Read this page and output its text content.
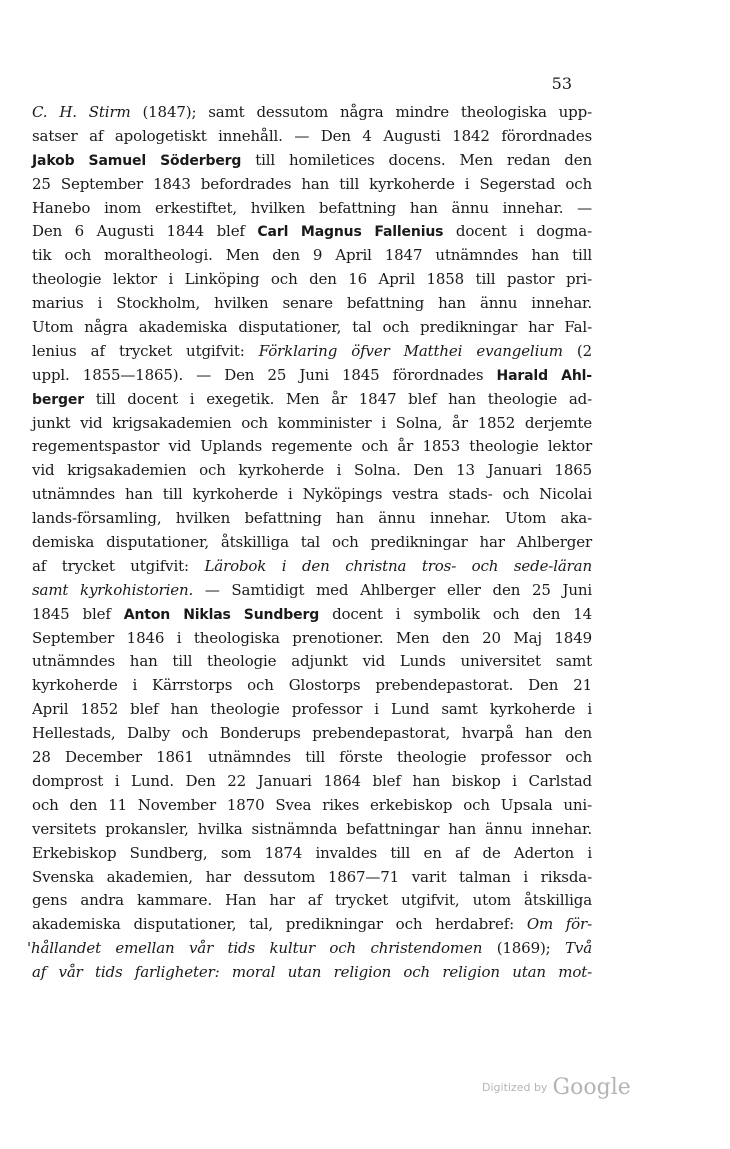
53
C. H. Stirm (1847); samt dessutom några mindre theologiska upp-
satser af apologetiskt innehåll. — Den 4 Augusti 1842 förordnades
Jakob Samuel Söderberg till homiletices docens. Men redan den
25 September 1843 befordrades han till kyrkoherde i Segerstad och
Hanebo inom erkestiftet, hvilken befattning han ännu innehar. —
Den 6 Augusti 1844 blef Carl Magnus Fallenius docent i dogma-
tik och moraltheologi. Men den 9 April 1847 utnämndes han till
theologie lektor i Linköping och den 16 April 1858 till pastor pri-
marius i Stockholm, hvilken senare befattning han ännu innehar.
Utom några akademiska disputationer, tal och predikningar har Fal-
lenius af trycket utgifvit: Förklaring öfver Matthei evangelium (2
uppl. 1855—1865). — Den 25 Juni 1845 förordnades Harald Ahl-
berger till docent i exegetik. Men år 1847 blef han theologie ad-
junkt vid krigsakademien och komminister i Solna, år 1852 derjemte
regementspastor vid Uplands regemente och år 1853 theologie lektor
vid krigsakademien och kyrkoherde i Solna. Den 13 Januari 1865
utnämndes han till kyrkoherde i Nyköpings vestra stads- och Nicolai
lands-församling, hvilken befattning han ännu innehar. Utom aka-
demiska disputationer, åtskilliga tal och predikningar har Ahlberger
af trycket utgifvit: Lärobok i den christna tros- och sede-läran
samt kyrkohistorien. — Samtidigt med Ahlberger eller den 25 Juni
1845 blef Anton Niklas Sundberg docent i symbolik och den 14
September 1846 i theologiska prenotioner. Men den 20 Maj 1849
utnämndes han till theologie adjunkt vid Lunds universitet samt
kyrkoherde i Kärrstorps och Glostorps prebendepastorat. Den 21
April 1852 blef han theologie professor i Lund samt kyrkoherde i
Hellestads, Dalby och Bonderups prebendepastorat, hvarpå han den
28 December 1861 utnämndes till förste theologie professor och
domprost i Lund. Den 22 Januari 1864 blef han biskop i Carlstad
och den 11 November 1870 Svea rikes erkebiskop och Upsala uni-
versitets prokansler, hvilka sistnämnda befattningar han ännu innehar.
Erkebiskop Sundberg, som 1874 invaldes till en af de Aderton i
Svenska akademien, har dessutom 1867—71 varit talman i riksda-
gens andra kammare. Han har af trycket utgifvit, utom åtskilliga
akademiska disputationer, tal, predikningar och herdabref: Om för-
'hållandet emellan vår tids kultur och christendomen (1869); Två
af vår tids farligheter: moral utan religion och religion utan mot-
Digitized by Google
